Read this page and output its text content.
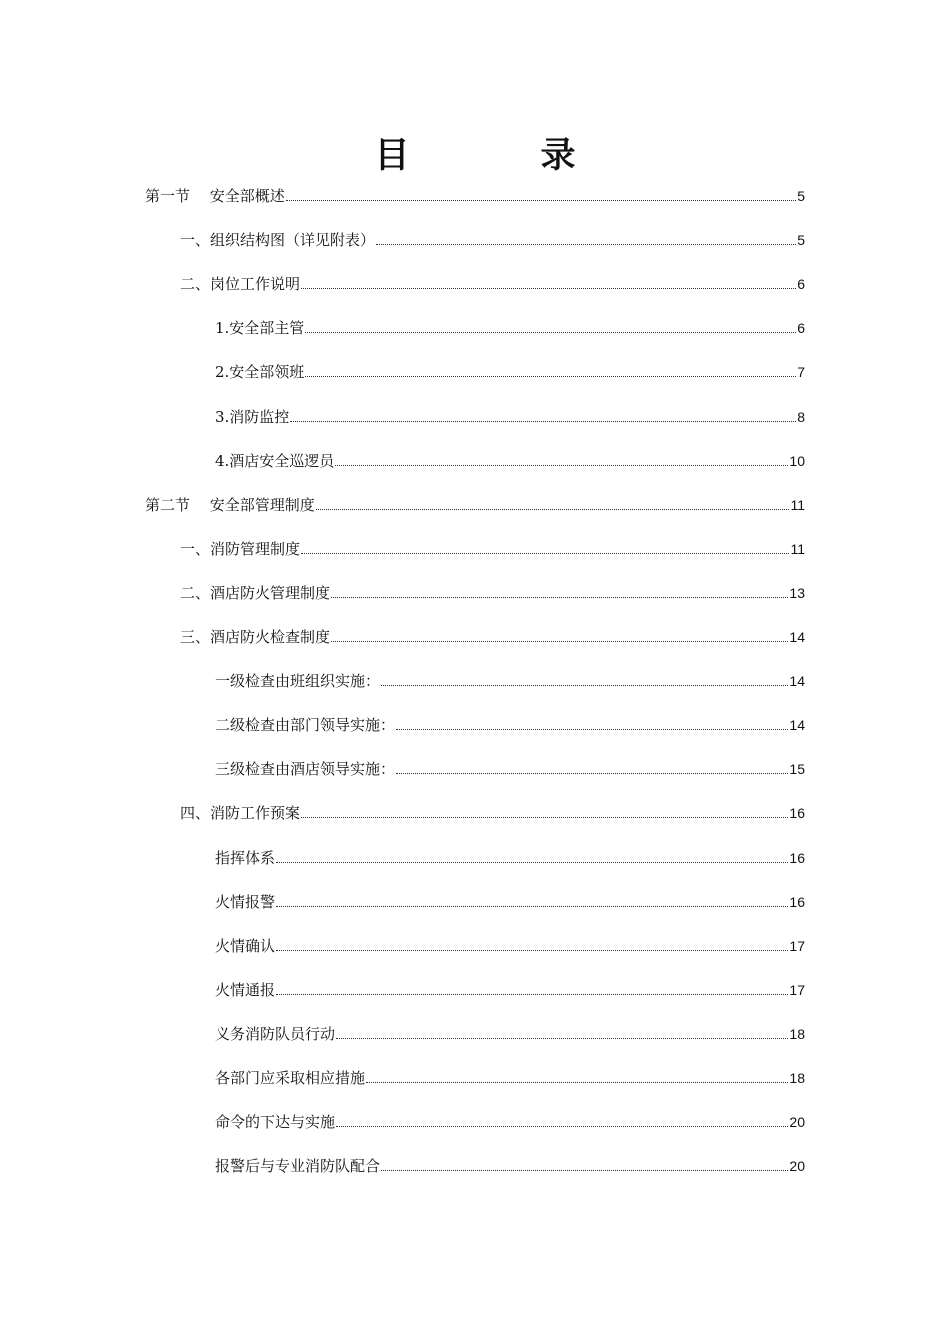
目　录
第一节　 安全部概述	5
一、组织结构图（详见附表）	5
二、岗位工作说明	6
1.安全部主管	6
2.安全部领班	7
3.消防监控	8
4.酒店安全巡逻员	10
第二节　 安全部管理制度	11
一、消防管理制度	11
二、酒店防火管理制度	13
三、酒店防火检查制度	14
一级检查由班组织实施：	14
二级检查由部门领导实施：	14
三级检查由酒店领导实施：	15
四、消防工作预案	16
指挥体系	16
火情报警	16
火情确认	17
火情通报	17
义务消防队员行动	18
各部门应采取相应措施	18
命令的下达与实施	20
报警后与专业消防队配合	20
